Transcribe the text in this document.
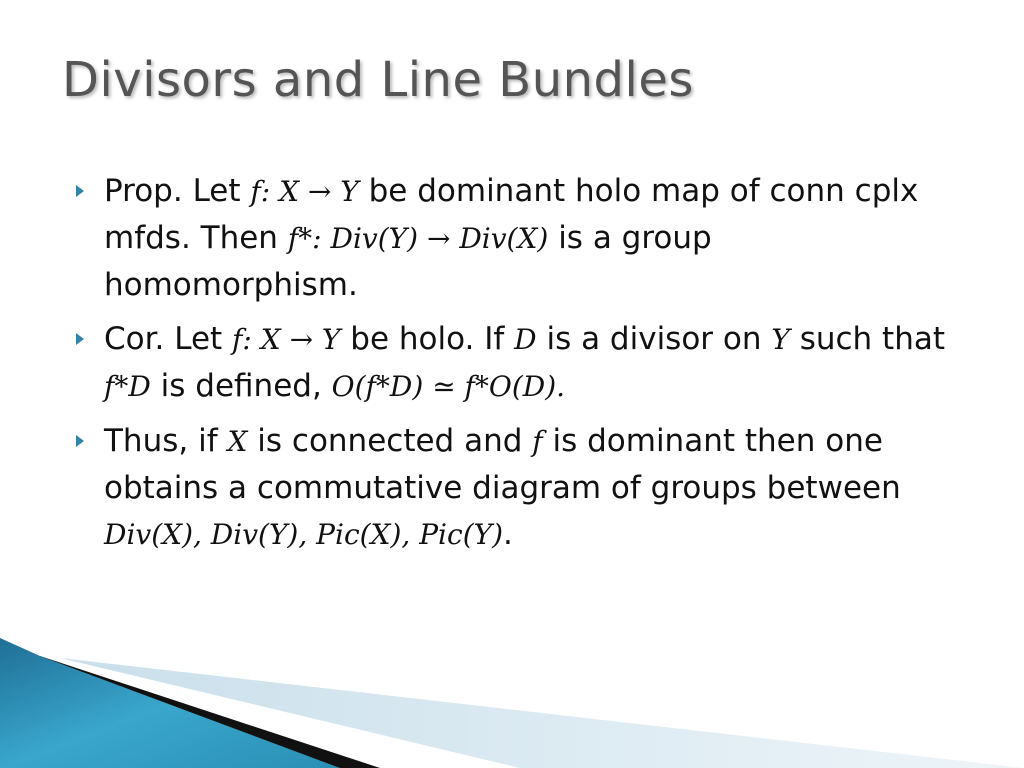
Divisors and Line Bundles
Prop. Let f: X → Y be dominant holo map of conn cplx mfds. Then f*: Div(Y) → Div(X) is a group homomorphism.
Cor. Let f: X → Y be holo. If D is a divisor on Y such that f*D is defined, O(f*D) ≃ f*O(D).
Thus, if X is connected and f is dominant then one obtains a commutative diagram of groups between Div(X), Div(Y), Pic(X), Pic(Y).
